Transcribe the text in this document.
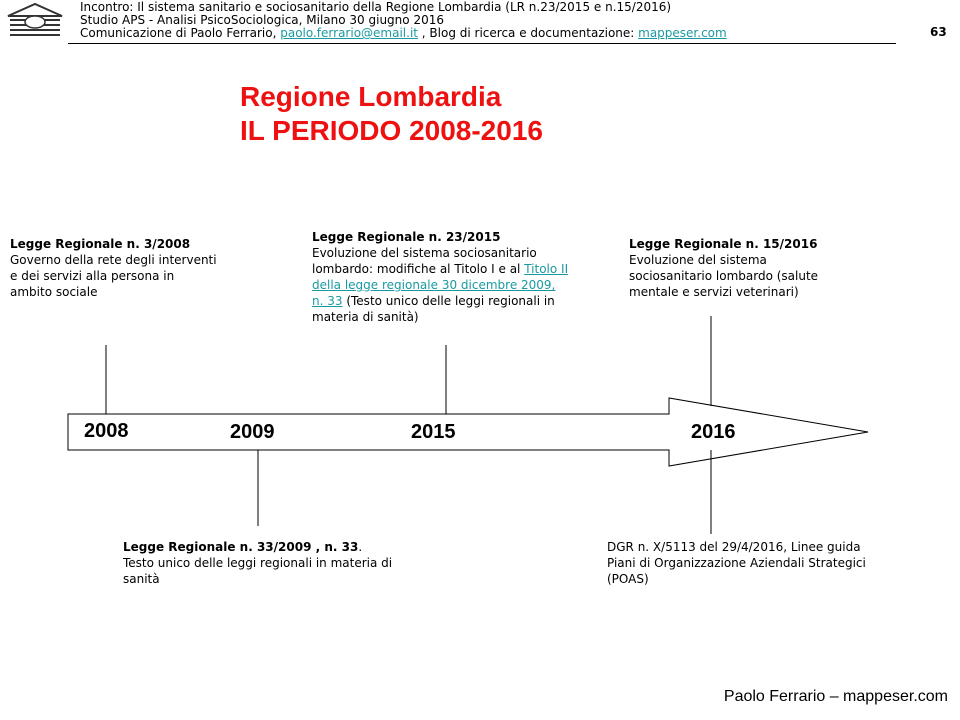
Incontro: Il sistema sanitario e sociosanitario della Regione Lombardia (LR n.23/2015 e n.15/2016)
Studio APS - Analisi PsicoSociologica, Milano 30 giugno 2016
Comunicazione di Paolo Ferrario, paolo.ferrario@email.it , Blog di ricerca e documentazione: mappeser.com	63
Regione Lombardia
IL PERIODO 2008-2016
2008	2009	2015	2016
Legge Regionale n. 3/2008
Governo della rete degli interventi e dei servizi alla persona in ambito sociale
Legge Regionale n. 23/2015
Evoluzione del sistema sociosanitario lombardo: modifiche al Titolo I e al Titolo II della legge regionale 30 dicembre 2009, n. 33 (Testo unico delle leggi regionali in materia di sanità)
Legge Regionale n. 15/2016
Evoluzione del sistema sociosanitario lombardo (salute mentale e servizi veterinari)
Legge Regionale n. 33/2009 , n. 33.
Testo unico delle leggi regionali in materia di sanità
DGR n. X/5113 del 29/4/2016, Linee guida Piani di Organizzazione Aziendali Strategici (POAS)
Paolo Ferrario – mappeser.com
